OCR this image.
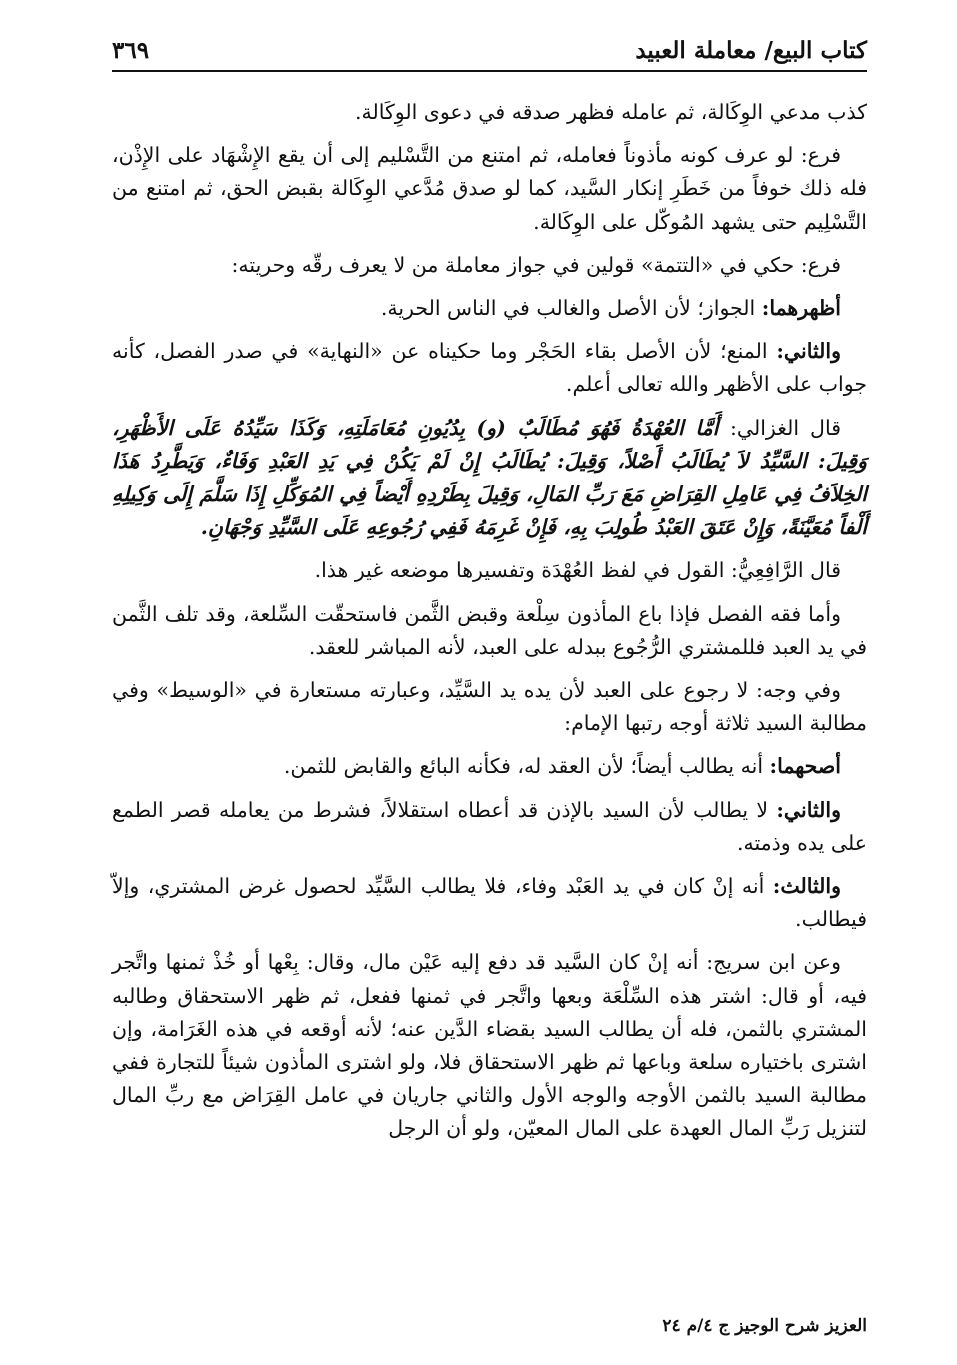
كتاب البيع/ معاملة العبيد
٣٦٩

كذب مدعي الوِكَالة، ثم عامله فظهر صدقه في دعوى الوِكَالة.

فرع: لو عرف كونه مأذوناً فعامله، ثم امتنع من التَّسْليم إلى أن يقع الإِشْهَاد على الإِذْن، فله ذلك خوفاً من خَطَرِ إنكار السَّيد، كما لو صدق مُدَّعي الوِكَالة بقبض الحق، ثم امتنع من التَّسْلِيم حتى يشهد المُوكّل على الوِكَالة.

فرع: حكي في «التتمة» قولين في جواز معاملة من لا يعرف رقّه وحريته:

أظهرهما: الجواز؛ لأن الأصل والغالب في الناس الحرية.

والثاني: المنع؛ لأن الأصل بقاء الحَجْر وما حكيناه عن «النهاية» في صدر الفصل، كأنه جواب على الأظهر والله تعالى أعلم.

قال الغزالي: أَمَّا العُهْدَةُ فَهُوَ مُطَالَبٌ (و) بِدُيُونِ مُعَامَلَتِهِ، وَكَذَا سَيِّدُهُ عَلَى الأَظْهَرِ، وَقِيلَ: السَّيِّدُ لاَ يُطَالَبُ أَصْلاً، وَقِيلَ: يُطَالَبُ إِنْ لَمْ يَكُنْ فِي يَدِ العَبْدِ وَفَاءٌ، وَيَطَّرِدُ هَذَا الخِلاَفُ فِي عَامِلِ القِرَاضِ مَعَ رَبِّ المَالِ، وَقِيلَ بِطَرْدِهِ أَيْضاً فِي المُوَكِّلِ إِذَا سَلَّمَ إِلَى وَكِيلِهِ أَلْفاً مُعَيَّنَةً، وَإِنْ عَتَقَ العَبْدُ طُولِبَ بِهِ، فَإِنْ غَرِمَهُ فَفِي رُجُوعِهِ عَلَى السَّيِّدِ وَجْهَانِ.

قال الرَّافِعِيُّ: القول في لفظ العُهْدَة وتفسيرها موضعه غير هذا.

وأما فقه الفصل فإذا باع المأذون سِلْعة وقبض الثَّمن فاستحقّت السِّلعة، وقد تلف الثَّمن في يد العبد فللمشتري الرُّجُوع ببدله على العبد، لأنه المباشر للعقد.

وفي وجه: لا رجوع على العبد لأن يده يد السَّيِّد، وعبارته مستعارة في «الوسيط» وفي مطالبة السيد ثلاثة أوجه رتبها الإمام:

أصحهما: أنه يطالب أيضاً؛ لأن العقد له، فكأنه البائع والقابض للثمن.

والثاني: لا يطالب لأن السيد بالإذن قد أعطاه استقلالاً، فشرط من يعامله قصر الطمع على يده وذمته.

والثالث: أنه إنْ كان في يد العَبْد وفاء، فلا يطالب السَّيِّد لحصول غرض المشتري، وإلاّ فيطالب.

وعن ابن سريج: أنه إنْ كان السَّيد قد دفع إليه عَيْن مال، وقال: بِعْها أو خُذْ ثمنها واتَّجر فيه، أو قال: اشتر هذه السِّلْعَة وبعها واتَّجر في ثمنها ففعل، ثم ظهر الاستحقاق وطالبه المشتري بالثمن، فله أن يطالب السيد بقضاء الدَّين عنه؛ لأنه أوقعه في هذه الغَرَامة، وإن اشترى باختياره سلعة وباعها ثم ظهر الاستحقاق فلا، ولو اشترى المأذون شيئاً للتجارة ففي مطالبة السيد بالثمن الأوجه والوجه الأول والثاني جاريان في عامل القِرَاض مع ربِّ المال لتنزيل رَبِّ المال العهدة على المال المعيّن، ولو أن الرجل

العزيز شرح الوجيز ج ٤/م ٢٤
